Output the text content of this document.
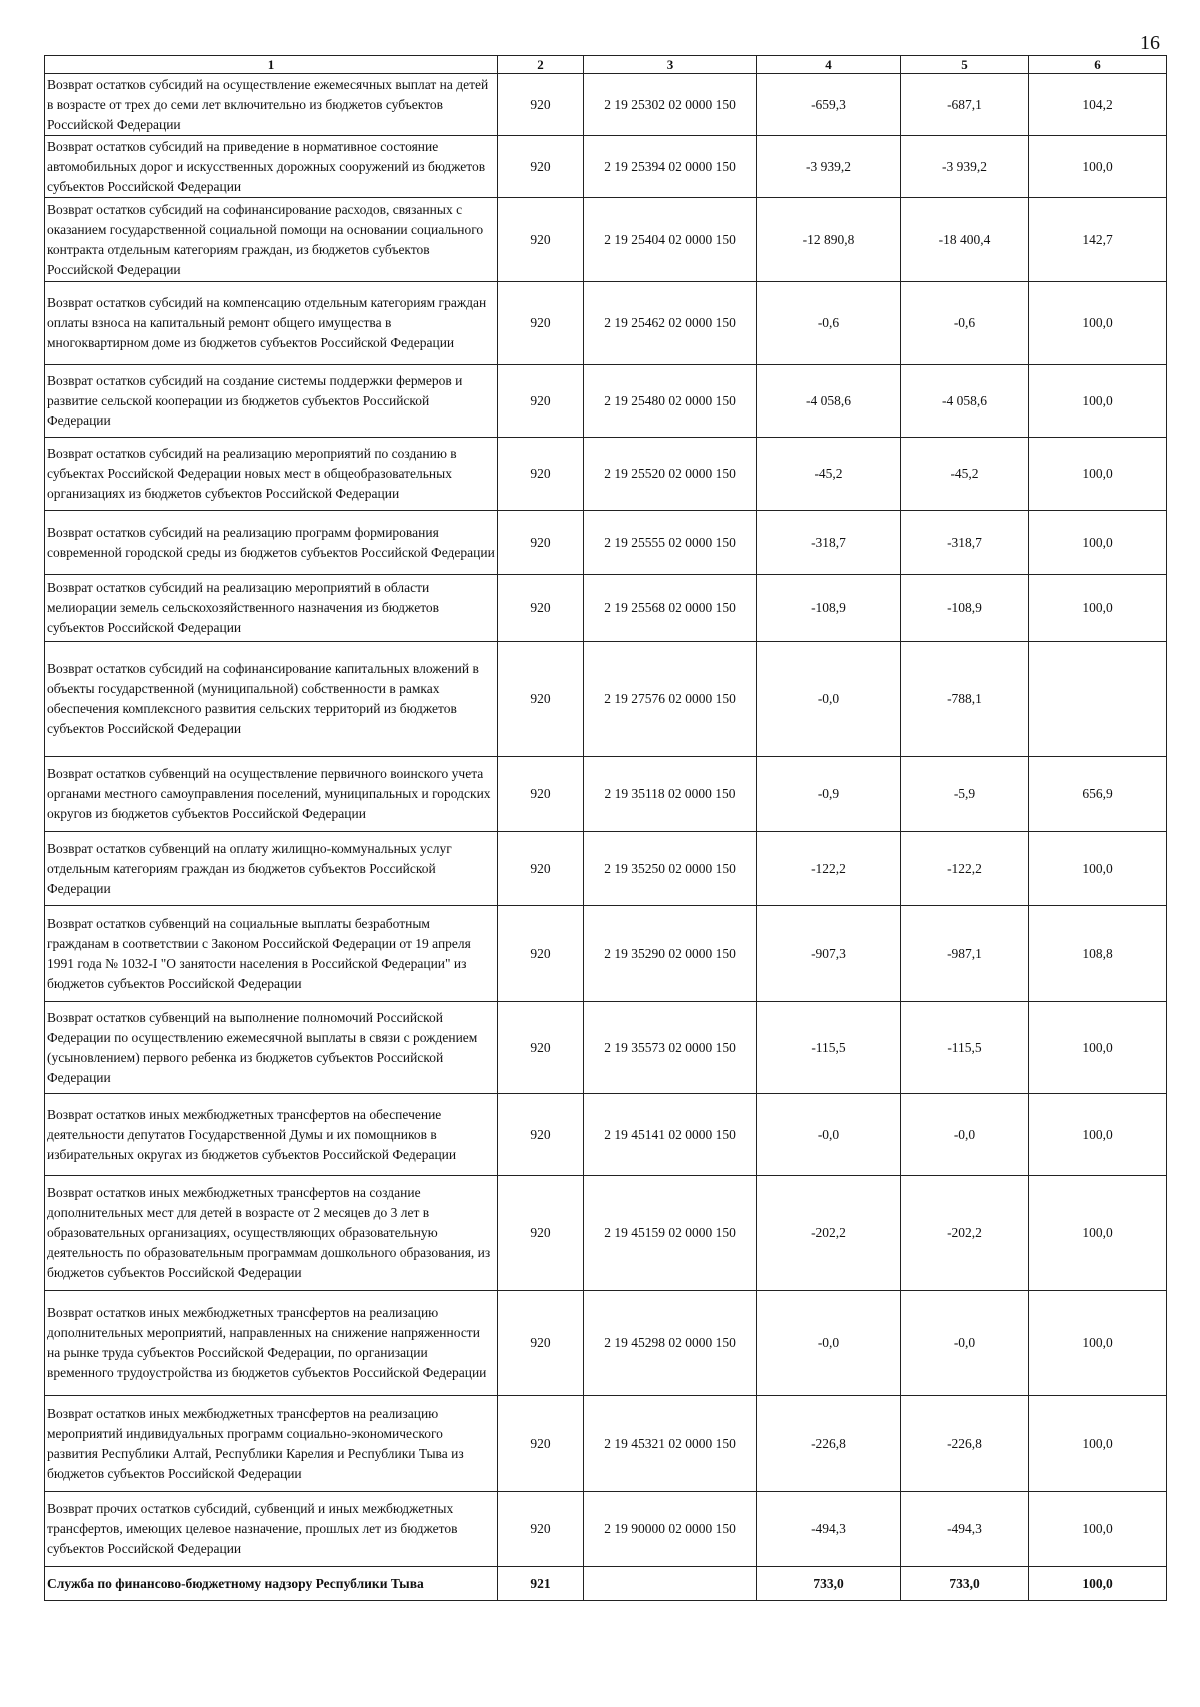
16
1	2	3	4	5	6
Возврат остатков субсидий на осуществление ежемесячных выплат на детей в возрасте от трех до семи лет включительно из бюджетов субъектов Российской Федерации	920	2 19 25302 02 0000 150	-659,3	-687,1	104,2
Возврат остатков субсидий на приведение в нормативное состояние автомобильных дорог и искусственных дорожных сооружений из бюджетов субъектов Российской Федерации	920	2 19 25394 02 0000 150	-3 939,2	-3 939,2	100,0
Возврат остатков субсидий на софинансирование расходов, связанных с оказанием государственной социальной помощи на основании социального контракта отдельным категориям граждан, из бюджетов субъектов Российской Федерации	920	2 19 25404 02 0000 150	-12 890,8	-18 400,4	142,7
Возврат остатков субсидий на компенсацию отдельным категориям граждан оплаты взноса на капитальный ремонт общего имущества в многоквартирном доме из бюджетов субъектов Российской Федерации	920	2 19 25462 02 0000 150	-0,6	-0,6	100,0
Возврат остатков субсидий на создание системы поддержки фермеров и развитие сельской кооперации из бюджетов субъектов Российской Федерации	920	2 19 25480 02 0000 150	-4 058,6	-4 058,6	100,0
Возврат остатков субсидий на реализацию мероприятий по созданию в субъектах Российской Федерации новых мест в общеобразовательных организациях из бюджетов субъектов Российской Федерации	920	2 19 25520 02 0000 150	-45,2	-45,2	100,0
Возврат остатков субсидий на реализацию программ формирования современной городской среды из бюджетов субъектов Российской Федерации	920	2 19 25555 02 0000 150	-318,7	-318,7	100,0
Возврат остатков субсидий на реализацию мероприятий в области мелиорации земель сельскохозяйственного назначения из бюджетов субъектов Российской Федерации	920	2 19 25568 02 0000 150	-108,9	-108,9	100,0
Возврат остатков субсидий на софинансирование капитальных вложений в объекты государственной (муниципальной) собственности в рамках обеспечения комплексного развития сельских территорий из бюджетов субъектов Российской Федерации	920	2 19 27576 02 0000 150	-0,0	-788,1	
Возврат остатков субвенций на осуществление первичного воинского учета органами местного самоуправления поселений, муниципальных и городских округов из бюджетов субъектов Российской Федерации	920	2 19 35118 02 0000 150	-0,9	-5,9	656,9
Возврат остатков субвенций на оплату жилищно-коммунальных услуг отдельным категориям граждан из бюджетов субъектов Российской Федерации	920	2 19 35250 02 0000 150	-122,2	-122,2	100,0
Возврат остатков субвенций на социальные выплаты безработным гражданам в соответствии с Законом Российской Федерации от 19 апреля 1991 года № 1032-I "О занятости населения в Российской Федерации" из бюджетов субъектов Российской Федерации	920	2 19 35290 02 0000 150	-907,3	-987,1	108,8
Возврат остатков субвенций на выполнение полномочий Российской Федерации по осуществлению ежемесячной выплаты в связи с рождением (усыновлением) первого ребенка из бюджетов субъектов Российской Федерации	920	2 19 35573 02 0000 150	-115,5	-115,5	100,0
Возврат остатков иных межбюджетных трансфертов на обеспечение деятельности депутатов Государственной Думы и их помощников в избирательных округах из бюджетов субъектов Российской Федерации	920	2 19 45141 02 0000 150	-0,0	-0,0	100,0
Возврат остатков иных межбюджетных трансфертов на создание дополнительных мест для детей в возрасте от 2 месяцев до 3 лет в образовательных организациях, осуществляющих образовательную деятельность по образовательным программам дошкольного образования, из бюджетов субъектов Российской Федерации	920	2 19 45159 02 0000 150	-202,2	-202,2	100,0
Возврат остатков иных межбюджетных трансфертов на реализацию дополнительных мероприятий, направленных на снижение напряженности на рынке труда субъектов Российской Федерации, по организации временного трудоустройства из бюджетов субъектов Российской Федерации	920	2 19 45298 02 0000 150	-0,0	-0,0	100,0
Возврат остатков иных межбюджетных трансфертов на реализацию мероприятий индивидуальных программ социально-экономического развития Республики Алтай, Республики Карелия и Республики Тыва из бюджетов субъектов Российской Федерации	920	2 19 45321 02 0000 150	-226,8	-226,8	100,0
Возврат прочих остатков субсидий, субвенций и иных межбюджетных трансфертов, имеющих целевое назначение, прошлых лет из бюджетов субъектов Российской Федерации	920	2 19 90000 02 0000 150	-494,3	-494,3	100,0
Служба по финансово-бюджетному надзору Республики Тыва	921		733,0	733,0	100,0
